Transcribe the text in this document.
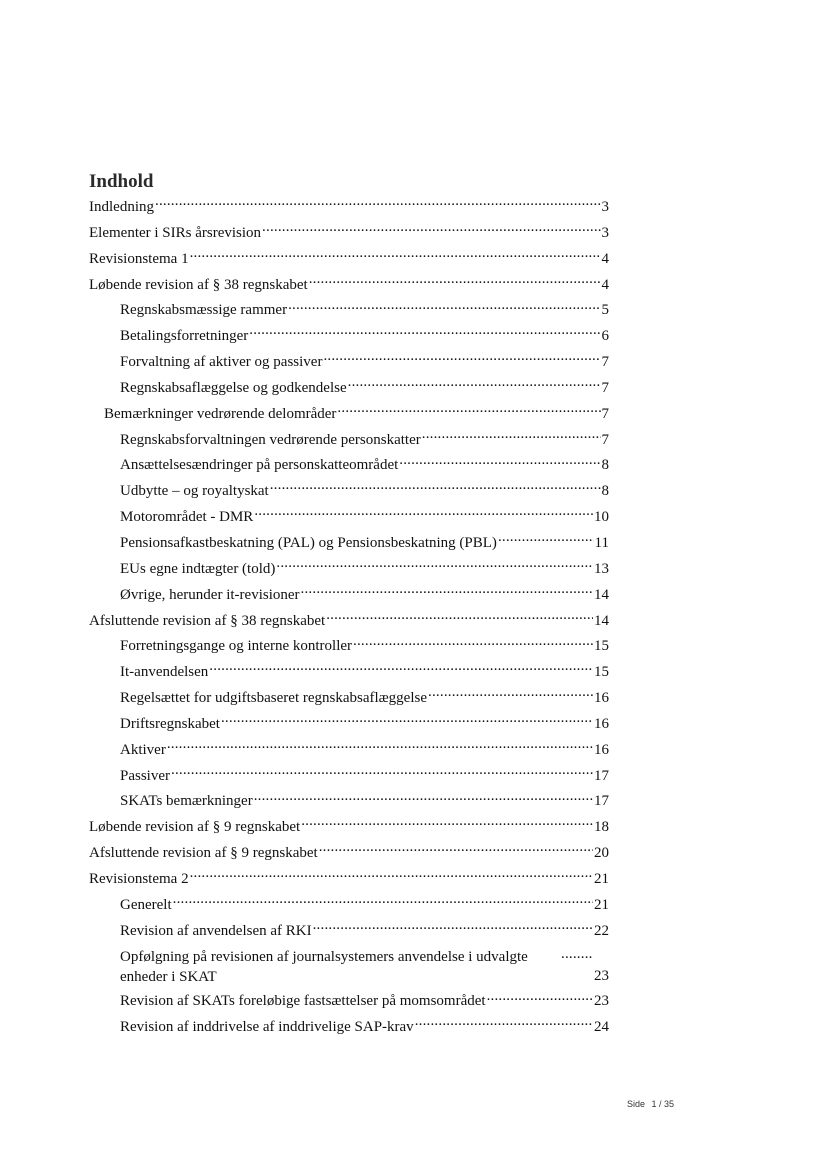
Indhold
Indledning .....	3
Elementer i SIRs årsrevision .....	3
Revisionstema 1 .....	4
Løbende revision af § 38 regnskabet .....	4
Regnskabsmæssige rammer .....	5
Betalingsforretninger .....	6
Forvaltning af aktiver og passiver .....	7
Regnskabsaflæggelse og godkendelse .....	7
Bemærkninger vedrørende delområder .....	7
Regnskabsforvaltningen vedrørende personskatter .....	7
Ansættelsesændringer på personskatteområdet .....	8
Udbytte – og royaltyskat .....	8
Motorområdet - DMR .....	10
Pensionsafkastbeskatning (PAL) og Pensionsbeskatning (PBL) .....	11
EUs egne indtægter (told) .....	13
Øvrige, herunder it-revisioner .....	14
Afsluttende revision af § 38 regnskabet .....	14
Forretningsgange og interne kontroller .....	15
It-anvendelsen .....	15
Regelsættet for udgiftsbaseret regnskabsaflæggelse .....	16
Driftsregnskabet .....	16
Aktiver .....	16
Passiver .....	17
SKATs bemærkninger .....	17
Løbende revision af § 9 regnskabet .....	18
Afsluttende revision af § 9 regnskabet .....	20
Revisionstema 2 .....	21
Generelt .....	21
Revision af anvendelsen af RKI .....	22
Opfølgning på revisionen af journalsystemers anvendelse i udvalgte enheder i SKAT
.....	23
Revision af SKATs foreløbige fastsættelser på momsområdet .....	23
Revision af inddrivelse af inddrivelige SAP-krav .....	24
Side 1 / 35
